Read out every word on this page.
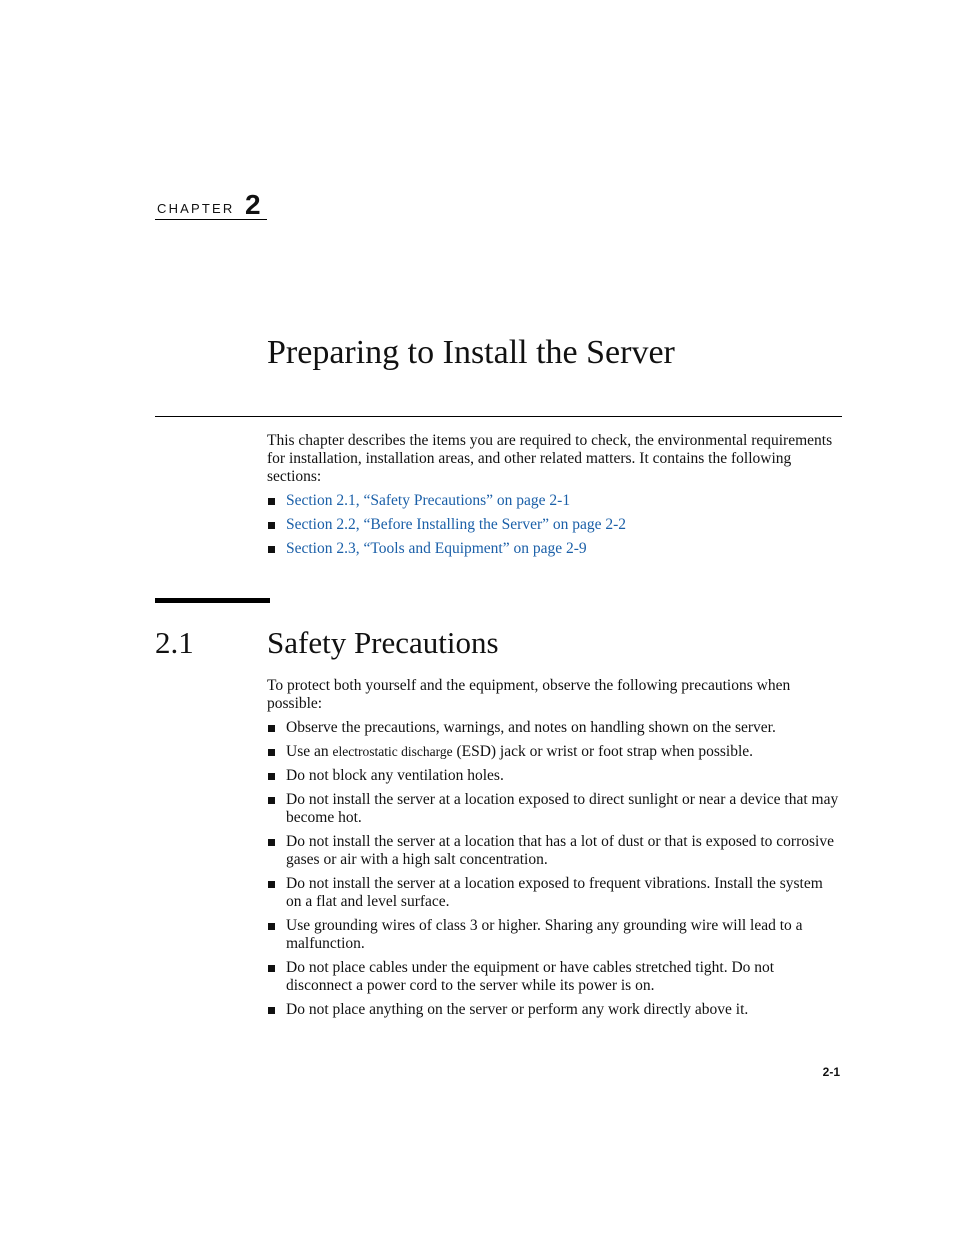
CHAPTER 2
Preparing to Install the Server

This chapter describes the items you are required to check, the environmental requirements for installation, installation areas, and other related matters. It contains the following sections:

Section 2.1, “Safety Precautions” on page 2-1
Section 2.2, “Before Installing the Server” on page 2-2
Section 2.3, “Tools and Equipment” on page 2-9
2.1 Safety Precautions

To protect both yourself and the equipment, observe the following precautions when possible:

Observe the precautions, warnings, and notes on handling shown on the server.
Use an electrostatic discharge (ESD) jack or wrist or foot strap when possible.
Do not block any ventilation holes.
Do not install the server at a location exposed to direct sunlight or near a device that may become hot.
Do not install the server at a location that has a lot of dust or that is exposed to corrosive gases or air with a high salt concentration.
Do not install the server at a location exposed to frequent vibrations. Install the system on a flat and level surface.
Use grounding wires of class 3 or higher. Sharing any grounding wire will lead to a malfunction.
Do not place cables under the equipment or have cables stretched tight. Do not disconnect a power cord to the server while its power is on.
Do not place anything on the server or perform any work directly above it.
2-1
